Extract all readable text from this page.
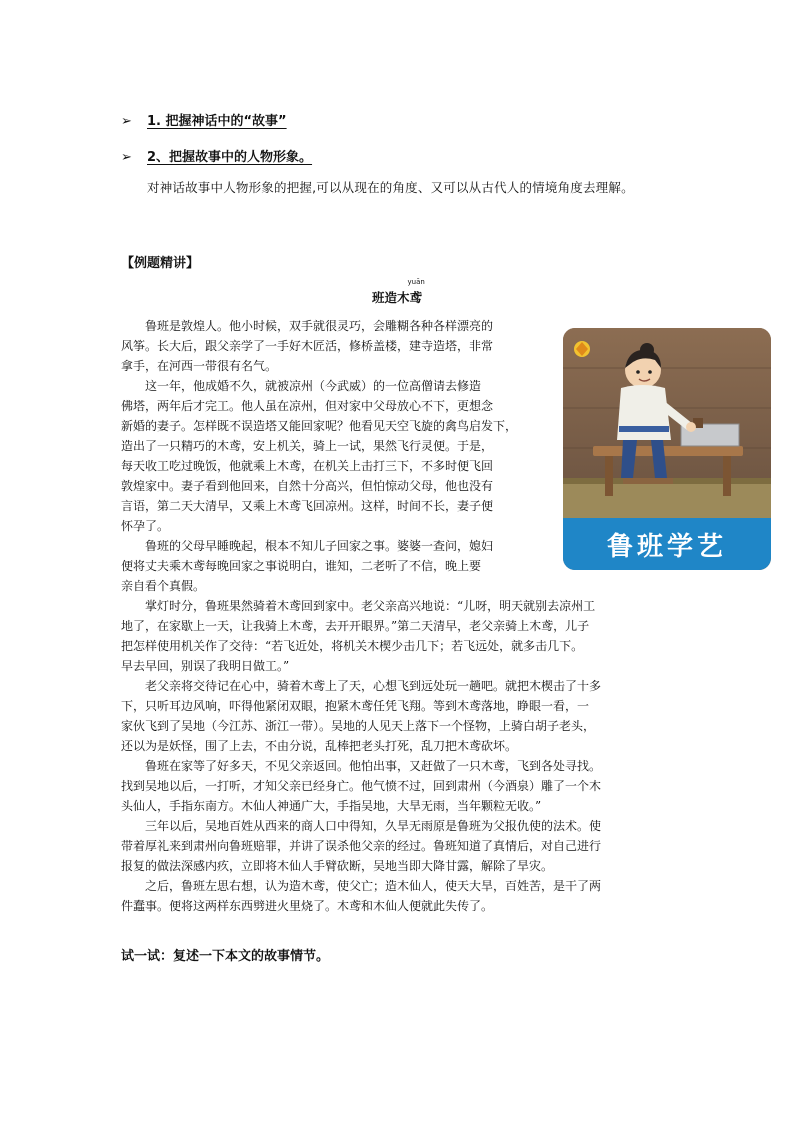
➢	1. 把握神话中的“故事”
➢	2、把握故事中的人物形象。
对神话故事中人物形象的把握,可以从现在的角度、又可以从古代人的情境角度去理解。
【例题精讲】
班造木
yuān
鸢
鲁班学艺
鲁班是敦煌人。他小时候，双手就很灵巧，会雕糊各种各样漂亮的
风筝。长大后，跟父亲学了一手好木匠活，修桥盖楼，建寺造塔，非常
拿手，在河西一带很有名气。
这一年，他成婚不久，就被凉州（今武威）的一位高僧请去修造
佛塔，两年后才完工。他人虽在凉州，但对家中父母放心不下，更想念
新婚的妻子。怎样既不误造塔又能回家呢？他看见天空飞旋的禽鸟启发下，
造出了一只精巧的木鸢，安上机关，骑上一试，果然飞行灵便。于是，
每天收工吃过晚饭，他就乘上木鸢，在机关上击打三下，不多时便飞回
敦煌家中。妻子看到他回来，自然十分高兴，但怕惊动父母，他也没有
言语，第二天大清早，又乘上木鸢飞回凉州。这样，时间不长，妻子便
怀孕了。
鲁班的父母早睡晚起，根本不知儿子回家之事。婆婆一查问，媳妇
便将丈夫乘木鸢每晚回家之事说明白，谁知，二老听了不信，晚上要
亲自看个真假。
掌灯时分，鲁班果然骑着木鸢回到家中。老父亲高兴地说：“儿呀，明天就别去凉州工
地了，在家歇上一天，让我骑上木鸢，去开开眼界。”第二天清早，老父亲骑上木鸢，儿子
把怎样使用机关作了交待：“若飞近处，将机关木楔少击几下；若飞远处，就多击几下。
早去早回，别误了我明日做工。”
老父亲将交待记在心中，骑着木鸢上了天，心想飞到远处玩一趟吧。就把木楔击了十多
下，只听耳边风响，吓得他紧闭双眼，抱紧木鸢任凭飞翔。等到木鸢落地，睁眼一看，一
家伙飞到了吴地（今江苏、浙江一带）。吴地的人见天上落下一个怪物，上骑白胡子老头，
还以为是妖怪，围了上去，不由分说，乱棒把老头打死，乱刀把木鸢砍坏。
鲁班在家等了好多天，不见父亲返回。他怕出事，又赶做了一只木鸢，飞到各处寻找。
找到吴地以后，一打听，才知父亲已经身亡。他气愤不过，回到肃州（今酒泉）雕了一个木
头仙人，手指东南方。木仙人神通广大，手指吴地，大旱无雨，当年颗粒无收。”
三年以后，吴地百姓从西来的商人口中得知，久旱无雨原是鲁班为父报仇使的法术。使
带着厚礼来到肃州向鲁班赔罪，并讲了误杀他父亲的经过。鲁班知道了真情后，对自己进行
报复的做法深感内疚，立即将木仙人手臂砍断，吴地当即大降甘露，解除了旱灾。
之后，鲁班左思右想，认为造木鸢，使父亡；造木仙人，使天大旱，百姓苦，是干了两
件蠢事。便将这两样东西劈进火里烧了。木鸢和木仙人便就此失传了。
试一试：复述一下本文的故事情节。
